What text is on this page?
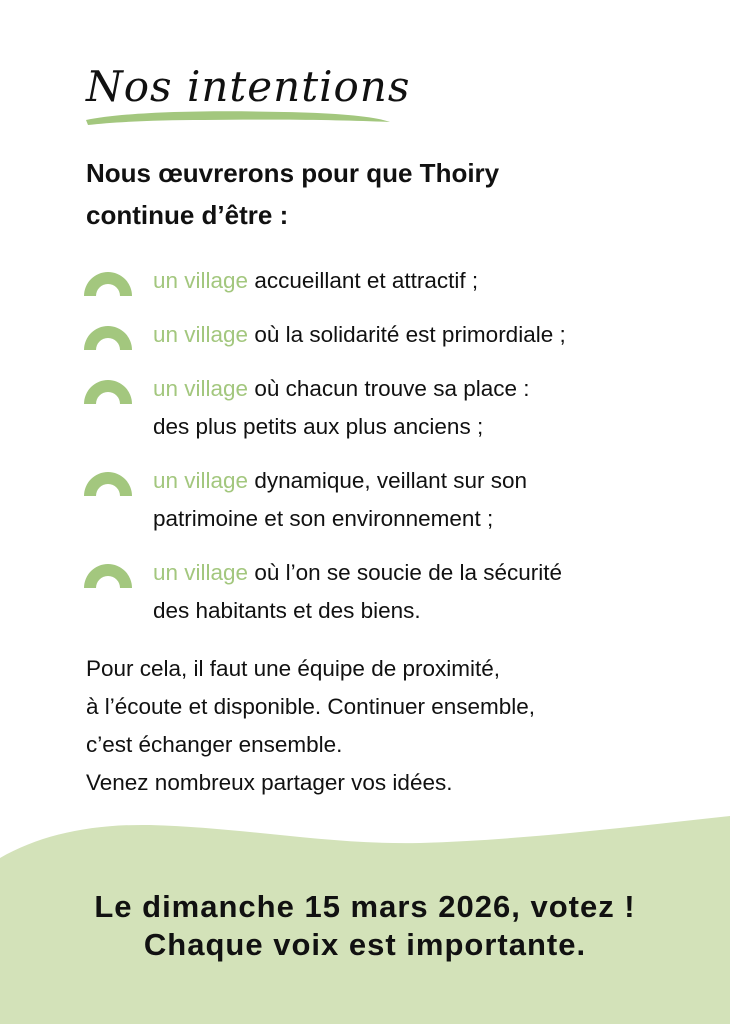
Nos intentions
Nous œuvrerons pour que Thoiry
continue d’être :
un village accueillant et attractif ;
un village où la solidarité est primordiale ;
un village où chacun trouve sa place :
des plus petits aux plus anciens ;
un village dynamique, veillant sur son
patrimoine et son environnement ;
un village où l’on se soucie de la sécurité
des habitants et des biens.
Pour cela, il faut une équipe de proximité,
à l’écoute et disponible. Continuer ensemble,
c’est échanger ensemble.
Venez nombreux partager vos idées.
Le dimanche 15 mars 2026, votez !
Chaque voix est importante.
